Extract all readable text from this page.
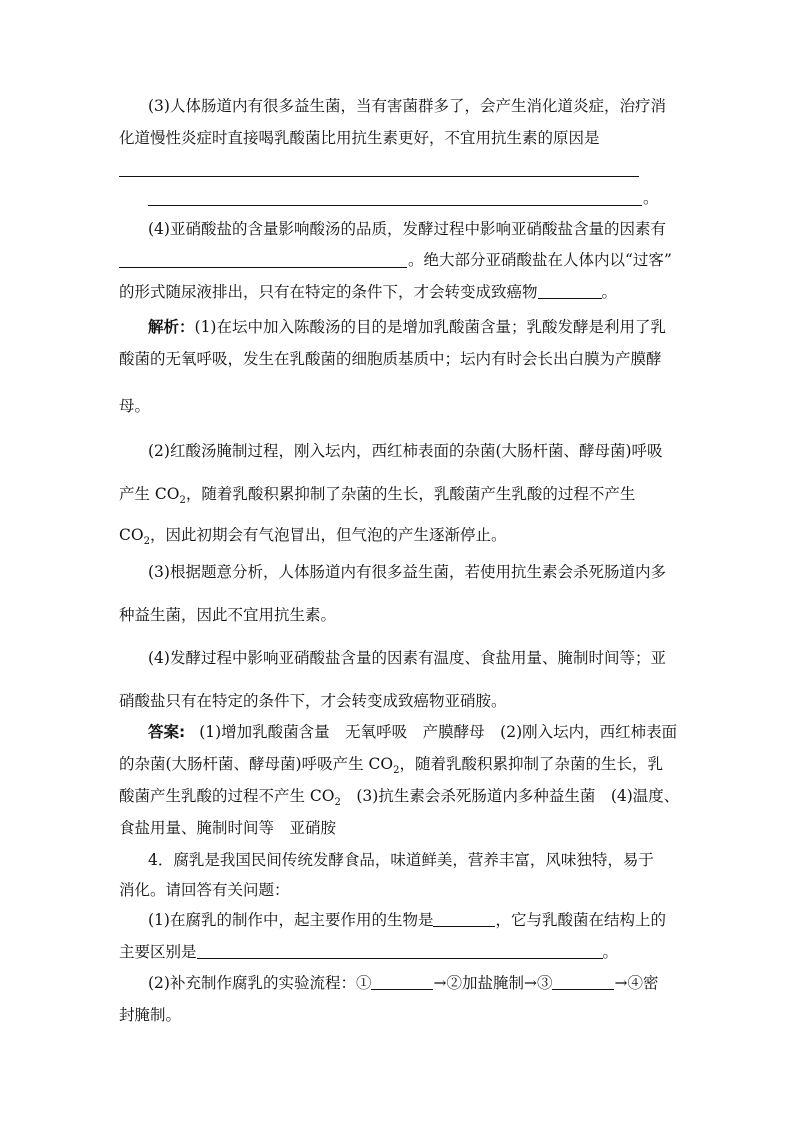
(3)人体肠道内有很多益生菌，当有害菌群多了，会产生消化道炎症，治疗消
化道慢性炎症时直接喝乳酸菌比用抗生素更好，不宜用抗生素的原因是
。
(4)亚硝酸盐的含量影响酸汤的品质，发酵过程中影响亚硝酸盐含量的因素有
。绝大部分亚硝酸盐在人体内以“过客”
的形式随尿液排出，只有在特定的条件下，才会转变成致癌物	。
解析：(1)在坛中加入陈酸汤的目的是增加乳酸菌含量；乳酸发酵是利用了乳
酸菌的无氧呼吸，发生在乳酸菌的细胞质基质中；坛内有时会长出白膜为产膜酵
母。
(2)红酸汤腌制过程，刚入坛内，西红柿表面的杂菌(大肠杆菌、酵母菌)呼吸
产生 $CO_2$，随着乳酸积累抑制了杂菌的生长，乳酸菌产生乳酸的过程不产生
$CO_2$，因此初期会有气泡冒出，但气泡的产生逐渐停止。
(3)根据题意分析，人体肠道内有很多益生菌，若使用抗生素会杀死肠道内多
种益生菌，因此不宜用抗生素。
(4)发酵过程中影响亚硝酸盐含量的因素有温度、食盐用量、腌制时间等；亚
硝酸盐只有在特定的条件下，才会转变成致癌物亚硝胺。
答案: (1)增加乳酸菌含量　无氧呼吸　产膜酵母　(2)刚入坛内，西红柿表面
的杂菌(大肠杆菌、酵母菌)呼吸产生 $CO_2$，随着乳酸积累抑制了杂菌的生长，乳
酸菌产生乳酸的过程不产生 $CO_2$　(3)抗生素会杀死肠道内多种益生菌　(4)温度、
食盐用量、腌制时间等　亚硝胺
4．腐乳是我国民间传统发酵食品，味道鲜美，营养丰富，风味独特，易于
消化。请回答有关问题：
(1)在腐乳的制作中，起主要作用的生物是	，它与乳酸菌在结构上的
主要区别是	。
(2)补充制作腐乳的实验流程：①	→②加盐腌制→③	→④密
封腌制。
